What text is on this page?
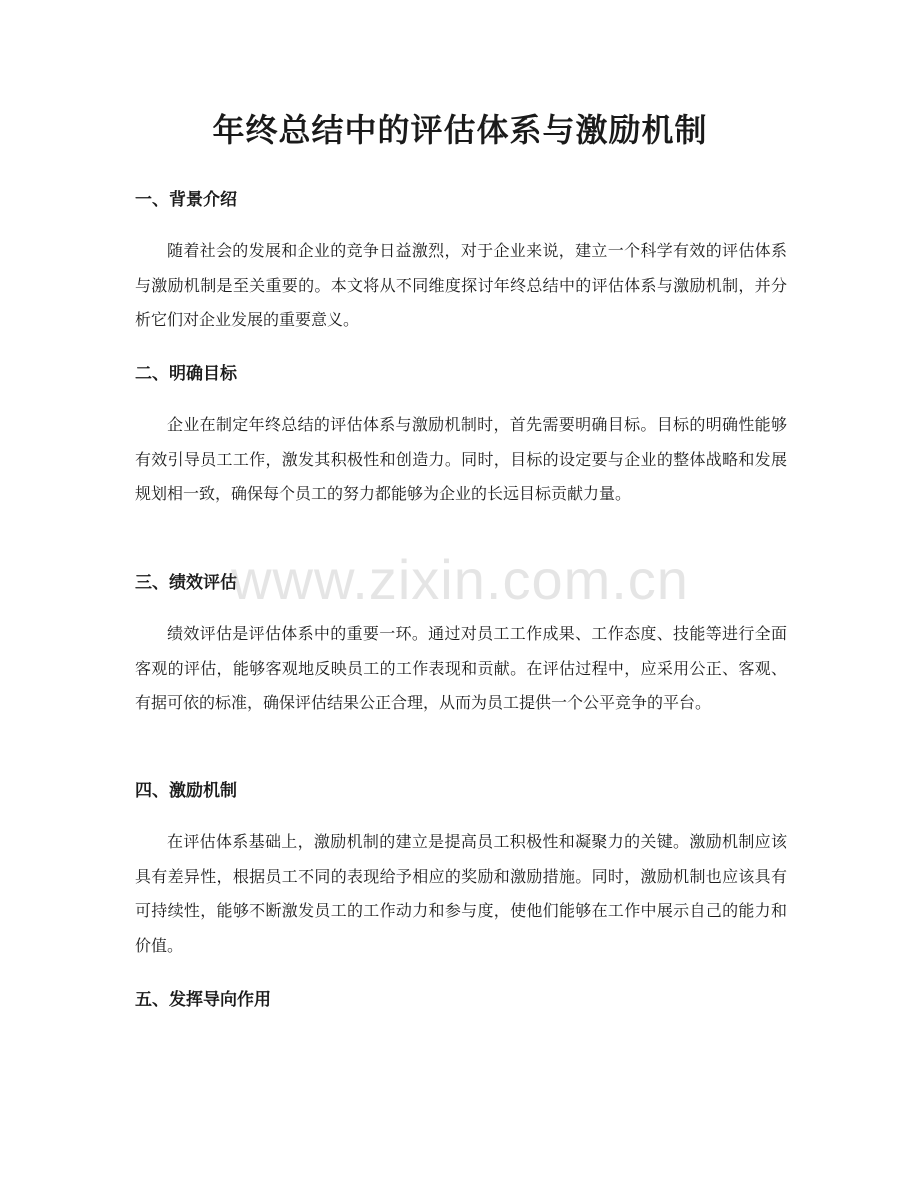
年终总结中的评估体系与激励机制
一、背景介绍

随着社会的发展和企业的竞争日益激烈，对于企业来说，建立一个科学有效的评估体系与激励机制是至关重要的。本文将从不同维度探讨年终总结中的评估体系与激励机制，并分析它们对企业发展的重要意义。

二、明确目标

企业在制定年终总结的评估体系与激励机制时，首先需要明确目标。目标的明确性能够有效引导员工工作，激发其积极性和创造力。同时，目标的设定要与企业的整体战略和发展规划相一致，确保每个员工的努力都能够为企业的长远目标贡献力量。

三、绩效评估

绩效评估是评估体系中的重要一环。通过对员工工作成果、工作态度、技能等进行全面客观的评估，能够客观地反映员工的工作表现和贡献。在评估过程中，应采用公正、客观、有据可依的标准，确保评估结果公正合理，从而为员工提供一个公平竞争的平台。

四、激励机制

在评估体系基础上，激励机制的建立是提高员工积极性和凝聚力的关键。激励机制应该具有差异性，根据员工不同的表现给予相应的奖励和激励措施。同时，激励机制也应该具有可持续性，能够不断激发员工的工作动力和参与度，使他们能够在工作中展示自己的能力和价值。

五、发挥导向作用
www.zixin.com.cn
